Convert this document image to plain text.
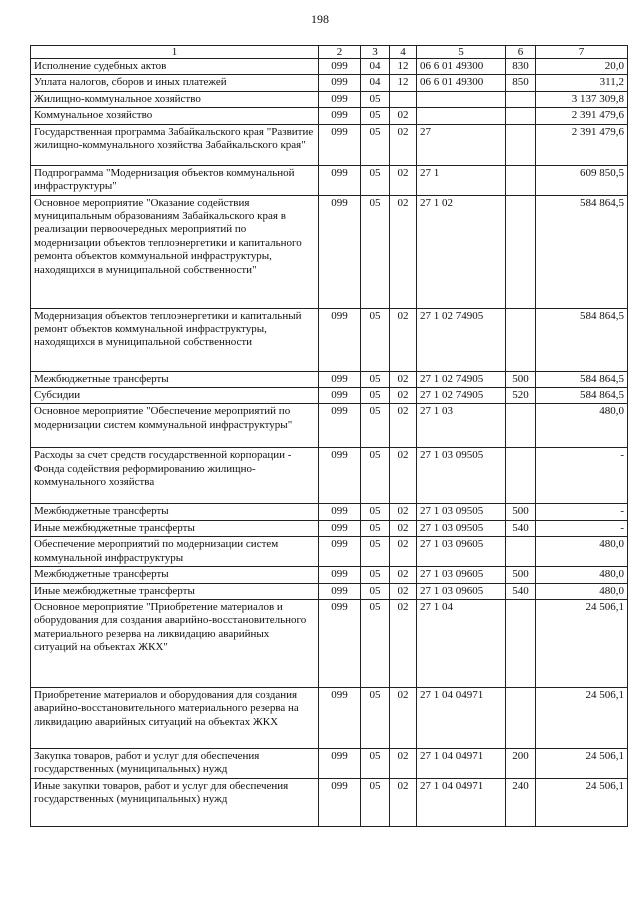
198
1	2	3	4	5	6	7
Исполнение судебных актов	099	04	12	06 6 01 49300	830	20,0
Уплата налогов, сборов и иных платежей	099	04	12	06 6 01 49300	850	311,2
Жилищно-коммунальное хозяйство	099	05				3 137 309,8
Коммунальное хозяйство	099	05	02			2 391 479,6
Государственная программа Забайкальского края "Развитие жилищно-коммунального хозяйства Забайкальского края"	099	05	02	27		2 391 479,6
Подпрограмма "Модернизация объектов коммунальной инфраструктуры"	099	05	02	27 1		609 850,5
Основное мероприятие "Оказание содействия муниципальным образованиям Забайкальского края в реализации первоочередных мероприятий по модернизации объектов теплоэнергетики и капитального ремонта объектов коммунальной инфраструктуры, находящихся в муниципальной собственности"	099	05	02	27 1 02		584 864,5
Модернизация объектов теплоэнергетики и капитальный ремонт объектов коммунальной инфраструктуры, находящихся в муниципальной собственности	099	05	02	27 1 02 74905		584 864,5
Межбюджетные трансферты	099	05	02	27 1 02 74905	500	584 864,5
Субсидии	099	05	02	27 1 02 74905	520	584 864,5
Основное мероприятие "Обеспечение мероприятий по модернизации систем коммунальной инфраструктуры"	099	05	02	27 1 03		480,0
Расходы за счет средств государственной корпорации - Фонда содействия реформированию жилищно-коммунального хозяйства	099	05	02	27 1 03 09505		-
Межбюджетные трансферты	099	05	02	27 1 03 09505	500	-
Иные межбюджетные трансферты	099	05	02	27 1 03 09505	540	-
Обеспечение мероприятий по модернизации систем коммунальной инфраструктуры	099	05	02	27 1 03 09605		480,0
Межбюджетные трансферты	099	05	02	27 1 03 09605	500	480,0
Иные межбюджетные трансферты	099	05	02	27 1 03 09605	540	480,0
Основное мероприятие "Приобретение материалов и оборудования для создания аварийно-восстановительного материального резерва на ликвидацию аварийных ситуаций на объектах ЖКХ"	099	05	02	27 1 04		24 506,1
Приобретение материалов и оборудования для создания аварийно-восстановительного материального резерва на ликвидацию аварийных ситуаций на объектах ЖКХ	099	05	02	27 1 04 04971		24 506,1
Закупка товаров, работ и услуг для обеспечения государственных (муниципальных) нужд	099	05	02	27 1 04 04971	200	24 506,1
Иные закупки товаров, работ и услуг для обеспечения государственных (муниципальных) нужд	099	05	02	27 1 04 04971	240	24 506,1
